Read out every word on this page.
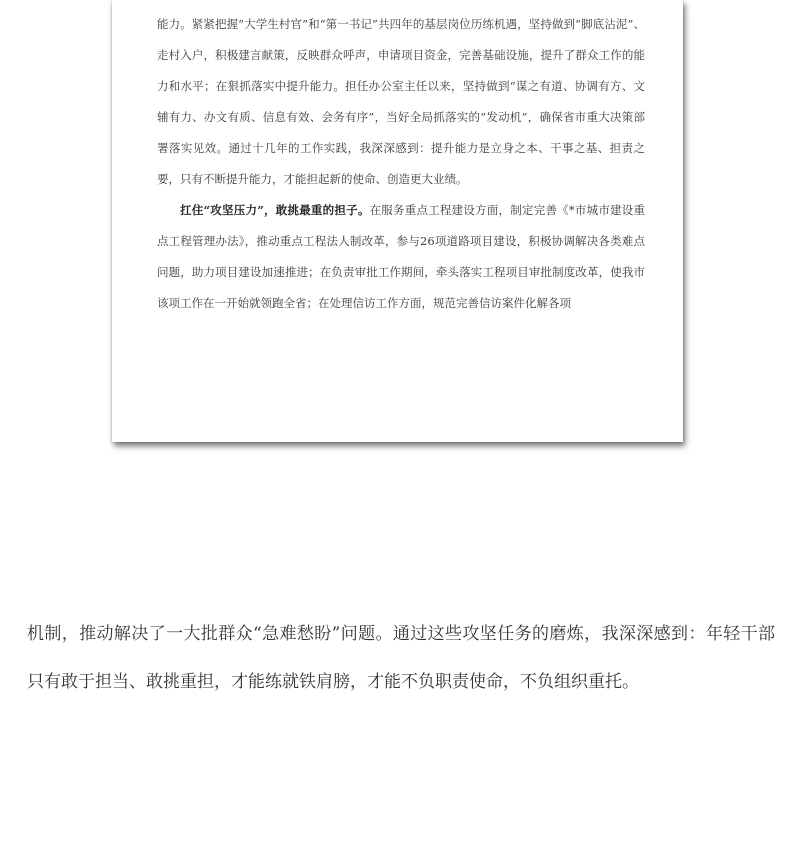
能力。紧紧把握“大学生村官”和“第一书记”共四年的基层岗位历练机遇，坚持做到“脚底沾泥”、走村入户，积极建言献策，反映群众呼声，申请项目资金，完善基础设施，提升了群众工作的能力和水平；在狠抓落实中提升能力。担任办公室主任以来，坚持做到“谋之有道、协调有方、文辅有力、办文有质、信息有效、会务有序”，当好全局抓落实的“发动机”，确保省市重大决策部署落实见效。通过十几年的工作实践，我深深感到：提升能力是立身之本、干事之基、担责之要，只有不断提升能力，才能担起新的使命、创造更大业绩。

扛住“攻坚压力”，敢挑最重的担子。在服务重点工程建设方面，制定完善《*市城市建设重点工程管理办法》，推动重点工程法人制改革，参与26项道路项目建设，积极协调解决各类难点问题，助力项目建设加速推进；在负责审批工作期间，牵头落实工程项目审批制度改革，使我市该项工作在一开始就领跑全省；在处理信访工作方面，规范完善信访案件化解各项

机制，推动解决了一大批群众“急难愁盼”问题。通过这些攻坚任务的磨炼，我深深感到：年轻干部只有敢于担当、敢挑重担，才能练就铁肩膀，才能不负职责使命，不负组织重托。
